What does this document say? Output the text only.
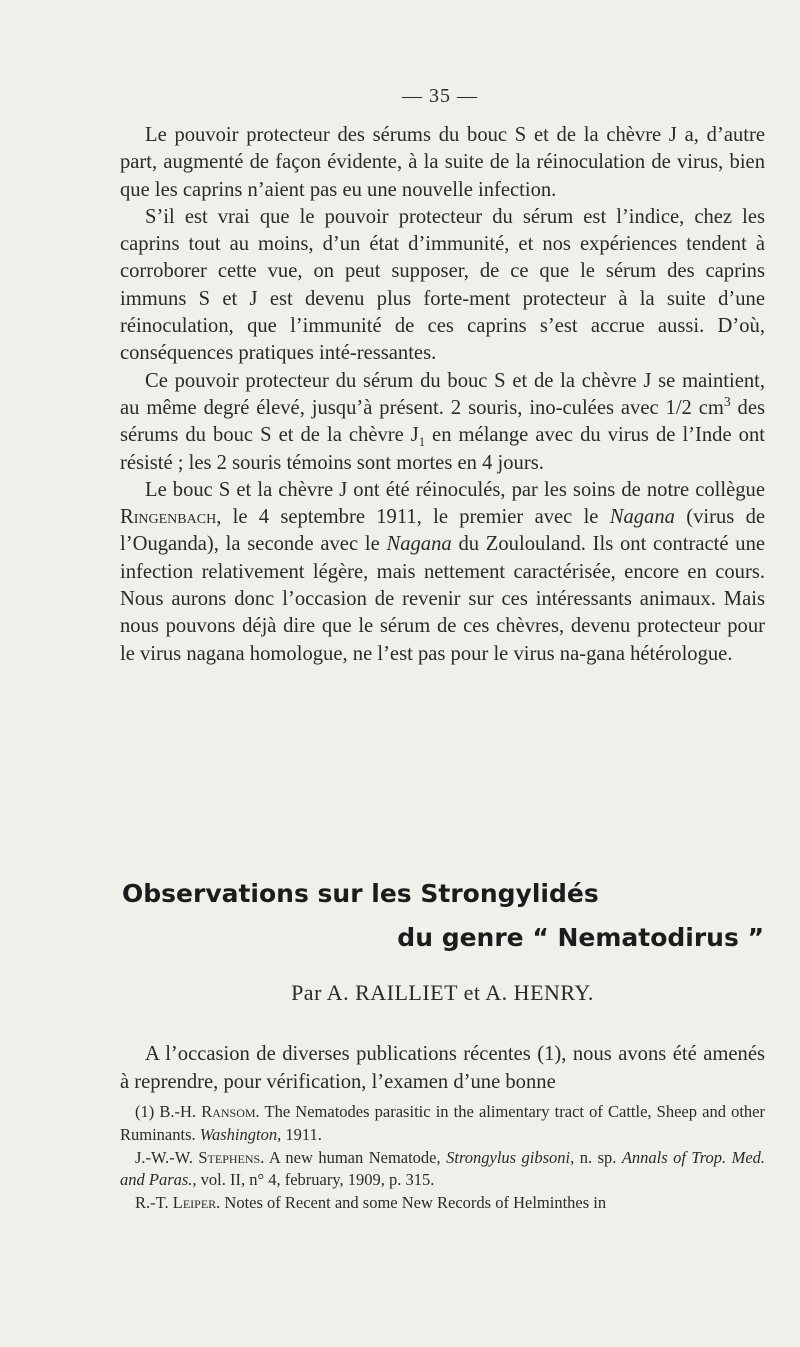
— 35 —

Le pouvoir protecteur des sérums du bouc S et de la chèvre J a, d’autre part, augmenté de façon évidente, à la suite de la réinoculation de virus, bien que les caprins n’aient pas eu une nouvelle infection.

S’il est vrai que le pouvoir protecteur du sérum est l’indice, chez les caprins tout au moins, d’un état d’immunité, et nos expériences tendent à corroborer cette vue, on peut supposer, de ce que le sérum des caprins immuns S et J est devenu plus forte-ment protecteur à la suite d’une réinoculation, que l’immunité de ces caprins s’est accrue aussi. D’où, conséquences pratiques inté-ressantes.

Ce pouvoir protecteur du sérum du bouc S et de la chèvre J se maintient, au même degré élevé, jusqu’à présent. 2 souris, ino-culées avec 1/2 $cm^3$ des sérums du bouc S et de la chèvre $J_1$ en mélange avec du virus de l’Inde ont résisté ; les 2 souris témoins sont mortes en 4 jours.

Le bouc S et la chèvre J ont été réinoculés, par les soins de notre collègue Ringenbach, le 4 septembre 1911, le premier avec le Nagana (virus de l’Ouganda), la seconde avec le Nagana du Zoulouland. Ils ont contracté une infection relativement légère, mais nettement caractérisée, encore en cours. Nous aurons donc l’occasion de revenir sur ces intéressants animaux. Mais nous pouvons déjà dire que le sérum de ces chèvres, devenu protecteur pour le virus nagana homologue, ne l’est pas pour le virus na-gana hétérologue.

Observations sur les Strongylidés
du genre “ Nematodirus ”
Par A. RAILLIET et A. HENRY.

A l’occasion de diverses publications récentes (1), nous avons été amenés à reprendre, pour vérification, l’examen d’une bonne

(1) B.-H. Ransom. The Nematodes parasitic in the alimentary tract of Cattle, Sheep and other Ruminants. Washington, 1911.

J.-W.-W. Stephens. A new human Nematode, Strongylus gibsoni, n. sp. Annals of Trop. Med. and Paras., vol. II, n° 4, february, 1909, p. 315.

R.-T. Leiper. Notes of Recent and some New Records of Helminthes in
